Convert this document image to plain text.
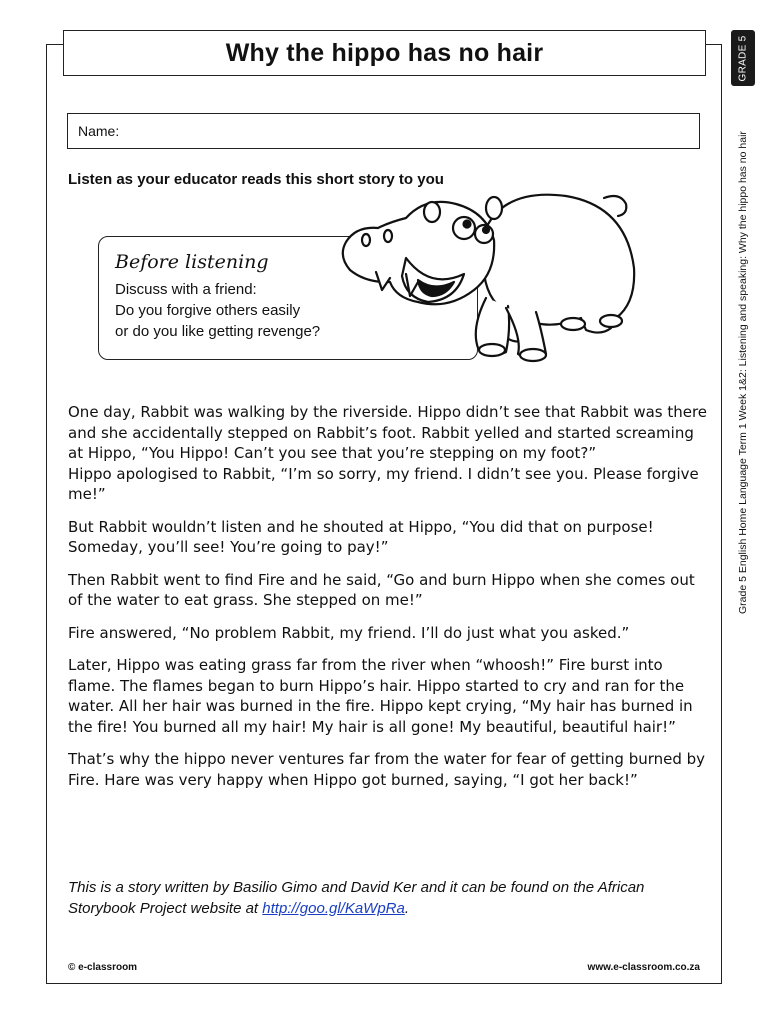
Why the hippo has no hair	GRADE 5
Grade 5 English Home Language Term 1 Week 1&2: Listening and speaking: Why the hippo has no hair
Name:
Listen as your educator reads this short story to you

Before listening

Discuss with a friend:

Do you forgive others easily

or do you like getting revenge?

One day, Rabbit was walking by the riverside. Hippo didn’t see that Rabbit was there and she accidentally stepped on Rabbit’s foot. Rabbit yelled and started screaming at Hippo, “You Hippo! Can’t you see that you’re stepping on my foot?”

Hippo apologised to Rabbit, “I’m so sorry, my friend. I didn’t see you. Please forgive me!”

But Rabbit wouldn’t listen and he shouted at Hippo, “You did that on purpose! Someday, you’ll see! You’re going to pay!”

Then Rabbit went to find Fire and he said, “Go and burn Hippo when she comes out of the water to eat grass. She stepped on me!”

Fire answered, “No problem Rabbit, my friend. I’ll do just what you asked.”

Later, Hippo was eating grass far from the river when “whoosh!” Fire burst into flame. The flames began to burn Hippo’s hair. Hippo started to cry and ran for the water. All her hair was burned in the fire. Hippo kept crying, “My hair has burned in the fire! You burned all my hair! My hair is all gone! My beautiful, beautiful hair!”

That’s why the hippo never ventures far from the water for fear of getting burned by Fire. Hare was very happy when Hippo got burned, saying, “I got her back!”

This is a story written by Basilio Gimo and David Ker and it can be found on the African Storybook Project website at http://goo.gl/KaWpRa.
© e-classroom	www.e-classroom.co.za
